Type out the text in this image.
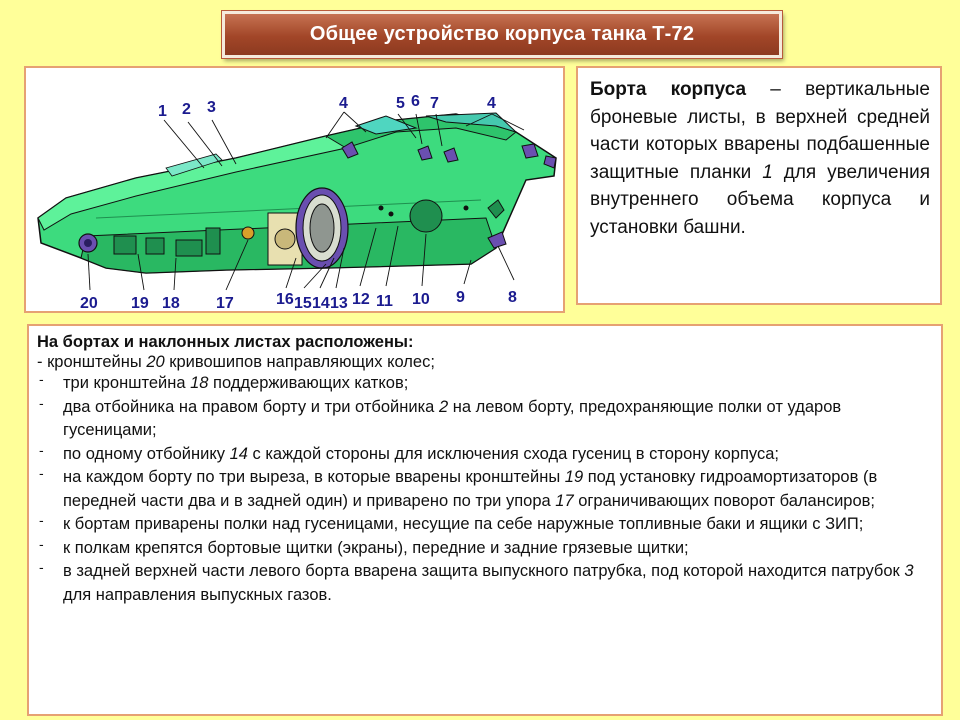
Общее устройство корпуса танка Т-72
1 2 3	4	5 6 7	4
20 19 18 17	16 15 14 13 12 11 10 9	8

Борта корпуса – вертикальные броневые листы, в верхней средней части которых вварены подбашенные защитные планки 1 для увеличения внутреннего объема корпуса и установки башни.

На бортах и наклонных листах расположены:
- кронштейны 20 кривошипов направляющих колес;
- три кронштейна 18 поддерживающих катков;
- два отбойника на правом борту и три отбойника 2 на левом борту, предохраняющие полки от ударов гусеницами;
- по одному отбойнику 14 с каждой стороны для исключения схода гусениц в сторону корпуса;
- на каждом борту по три выреза, в которые вварены кронштейны 19 под установку гидроамортизаторов (в передней части два и в задней один) и приварено по три упора 17 ограничивающих поворот балансиров;
- к бортам приварены полки над гусеницами, несущие па себе наружные топливные баки и ящики с ЗИП;
- к полкам крепятся бортовые щитки (экраны), передние и задние грязевые щитки;
- в задней верхней части левого борта вварена защита выпускного патрубка, под которой находится патрубок 3 для направления выпускных газов.
